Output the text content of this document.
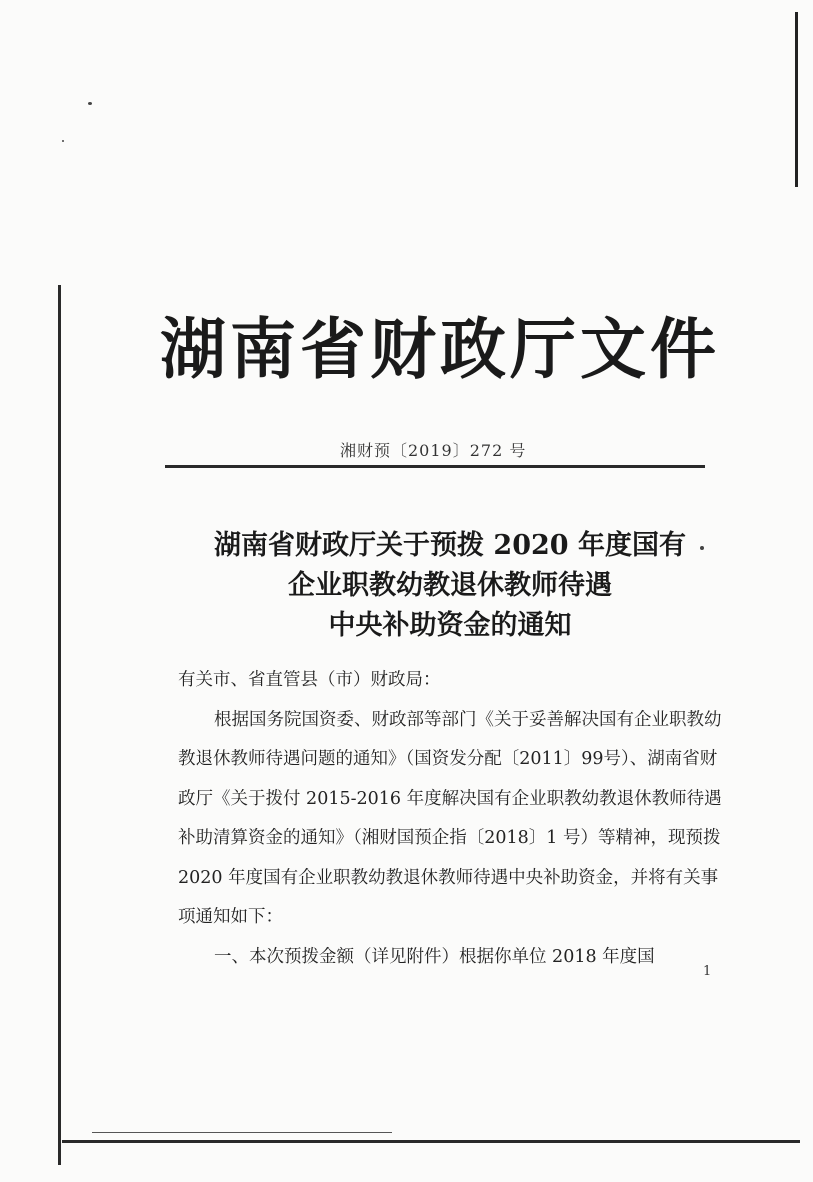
湖南省财政厅文件
湘财预〔2019〕272 号
湖南省财政厅关于预拨 2020 年度国有
企业职教幼教退休教师待遇
中央补助资金的通知

有关市、省直管县（市）财政局：

根据国务院国资委、财政部等部门《关于妥善解决国有企业职教幼教退休教师待遇问题的通知》（国资发分配〔2011〕99号）、湖南省财政厅《关于拨付 2015-2016 年度解决国有企业职教幼教退休教师待遇补助清算资金的通知》（湘财国预企指〔2018〕1 号）等精神，现预拨 2020 年度国有企业职教幼教退休教师待遇中央补助资金，并将有关事项通知如下：

一、本次预拨金额（详见附件）根据你单位 2018 年度国

1
